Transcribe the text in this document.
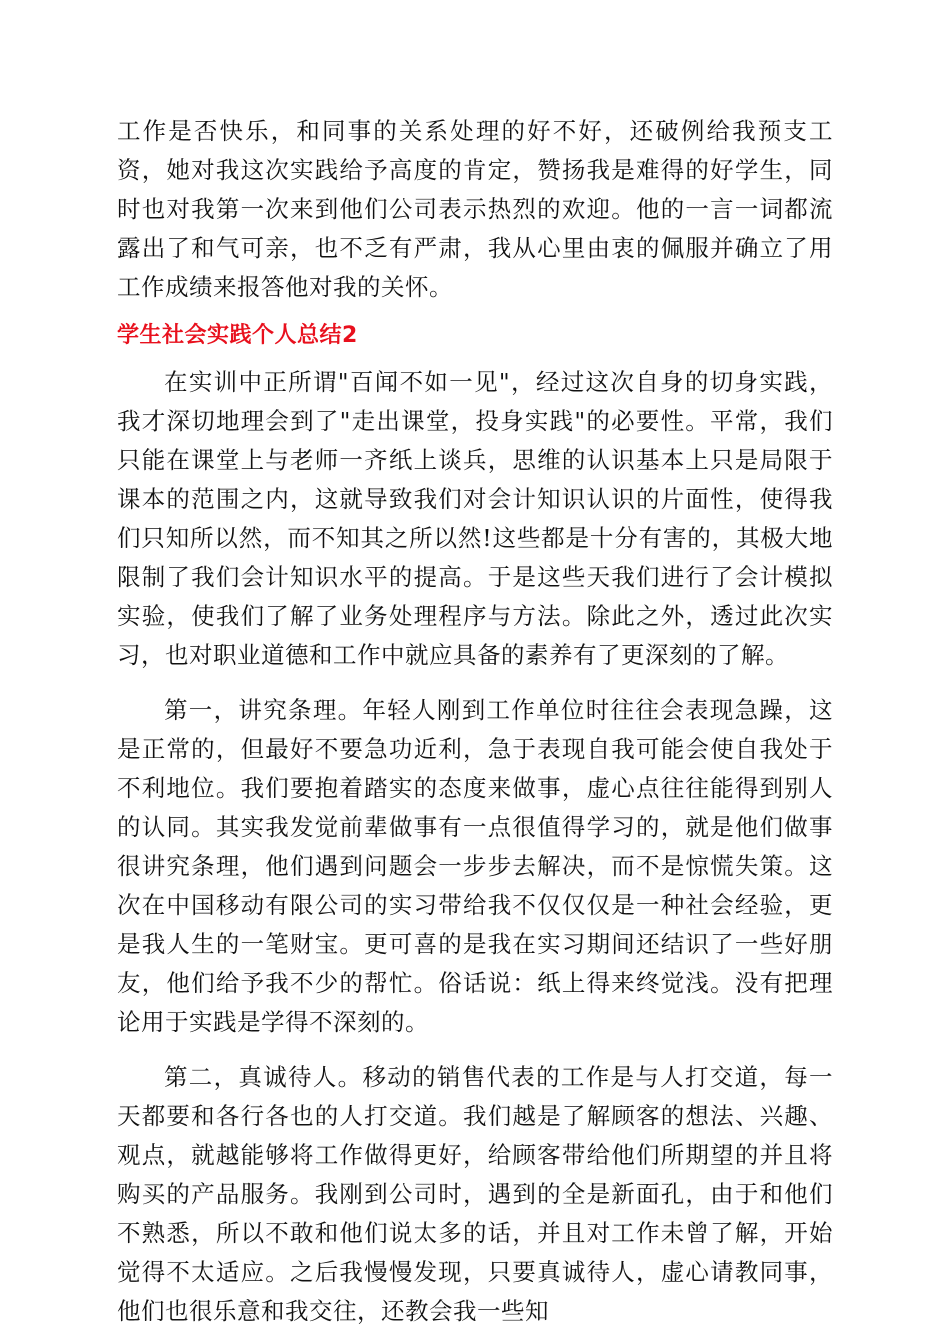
工作是否快乐，和同事的关系处理的好不好，还破例给我预支工资，她对我这次实践给予高度的肯定，赞扬我是难得的好学生，同时也对我第一次来到他们公司表示热烈的欢迎。他的一言一词都流露出了和气可亲，也不乏有严肃，我从心里由衷的佩服并确立了用工作成绩来报答他对我的关怀。

学生社会实践个人总结2

在实训中正所谓"百闻不如一见"，经过这次自身的切身实践，我才深切地理会到了"走出课堂，投身实践"的必要性。平常，我们只能在课堂上与老师一齐纸上谈兵，思维的认识基本上只是局限于课本的范围之内，这就导致我们对会计知识认识的片面性，使得我们只知所以然，而不知其之所以然!这些都是十分有害的，其极大地限制了我们会计知识水平的提高。于是这些天我们进行了会计模拟实验，使我们了解了业务处理程序与方法。除此之外，透过此次实习，也对职业道德和工作中就应具备的素养有了更深刻的了解。

第一，讲究条理。年轻人刚到工作单位时往往会表现急躁，这是正常的，但最好不要急功近利，急于表现自我可能会使自我处于不利地位。我们要抱着踏实的态度来做事，虚心点往往能得到别人的认同。其实我发觉前辈做事有一点很值得学习的，就是他们做事很讲究条理，他们遇到问题会一步步去解决，而不是惊慌失策。这次在中国移动有限公司的实习带给我不仅仅仅是一种社会经验，更是我人生的一笔财宝。更可喜的是我在实习期间还结识了一些好朋友，他们给予我不少的帮忙。俗话说：纸上得来终觉浅。没有把理论用于实践是学得不深刻的。

第二，真诚待人。移动的销售代表的工作是与人打交道，每一天都要和各行各也的人打交道。我们越是了解顾客的想法、兴趣、观点，就越能够将工作做得更好，给顾客带给他们所期望的并且将购买的产品服务。我刚到公司时，遇到的全是新面孔，由于和他们不熟悉，所以不敢和他们说太多的话，并且对工作未曾了解，开始觉得不太适应。之后我慢慢发现，只要真诚待人，虚心请教同事，他们也很乐意和我交往，还教会我一些知
